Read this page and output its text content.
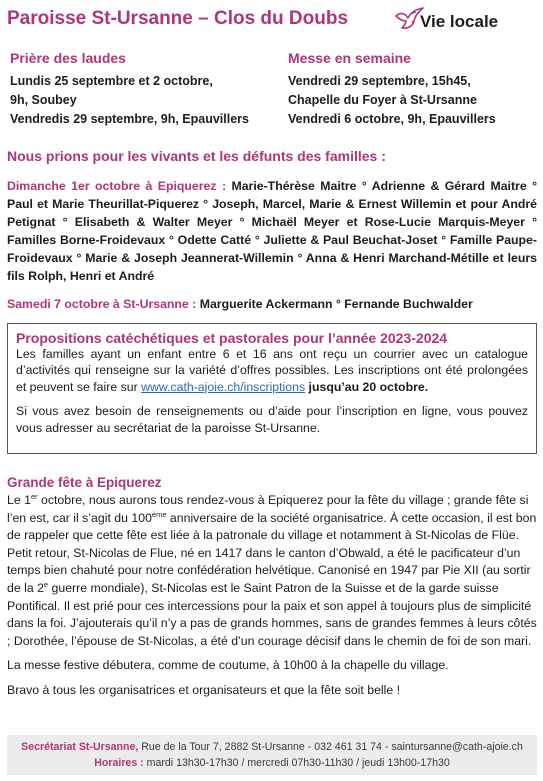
Paroisse St-Ursanne – Clos du Doubs	Vie locale
Prière des laudes

Lundis 25 septembre et 2 octobre,

9h, Soubey

Vendredis 29 septembre, 9h, Epauvillers

Messe en semaine

Vendredi 29 septembre, 15h45,

Chapelle du Foyer à St-Ursanne

Vendredi 6 octobre, 9h, Epauvillers

Nous prions pour les vivants et les défunts des familles :

Dimanche 1er octobre à Epiquerez : Marie-Thérèse Maitre ° Adrienne & Gérard Maitre ° Paul et Marie Theurillat-Piquerez ° Joseph, Marcel, Marie & Ernest Willemin et pour André Petignat ° Elisabeth & Walter Meyer ° Michaël Meyer et Rose-Lucie Marquis-Meyer ° Familles Borne-Froidevaux ° Odette Catté ° Juliette & Paul Beuchat-Joset ° Famille Paupe-Froidevaux ° Marie & Joseph Jeannerat-Willemin ° Anna & Henri Marchand-Métille et leurs fils Rolph, Henri et André

Samedi 7 octobre à St-Ursanne : Marguerite Ackermann ° Fernande Buchwalder

Propositions catéchétiques et pastorales pour l’année 2023-2024

Les familles ayant un enfant entre 6 et 16 ans ont reçu un courrier avec un catalogue d’activités qui renseigne sur la variété d’offres possibles. Les inscriptions ont été prolongées et peuvent se faire sur www.cath-ajoie.ch/inscriptions jusqu’au 20 octobre.

Si vous avez besoin de renseignements ou d’aide pour l’inscription en ligne, vous pouvez vous adresser au secrétariat de la paroisse St-Ursanne.

Grande fête à Epiquerez

Le 1er octobre, nous aurons tous rendez-vous à Epiquerez pour la fête du village ; grande fête si l’en est, car il s’agit du 100ème anniversaire de la société organisatrice. À cette occasion, il est bon de rappeler que cette fête est liée à la patronale du village et notamment à St-Nicolas de Flüe.

Petit retour, St-Nicolas de Flue, né en 1417 dans le canton d’Obwald, a été le pacificateur d’un temps bien chahuté pour notre confédération helvétique. Canonisé en 1947 par Pie XII (au sortir de la 2e guerre mondiale), St-Nicolas est le Saint Patron de la Suisse et de la garde suisse Pontifical. Il est prié pour ces intercessions pour la paix et son appel à toujours plus de simplicité dans la foi. J’ajouterais qu’il n’y a pas de grands hommes, sans de grandes femmes à leurs côtés ; Dorothée, l’épouse de St-Nicolas, a été d’un courage décisif dans le chemin de foi de son mari.

La messe festive débutera, comme de coutume, à 10h00 à la chapelle du village.

Bravo à tous les organisatrices et organisateurs et que la fête soit belle !

Secrétariat St-Ursanne, Rue de la Tour 7, 2882 St-Ursanne - 032 461 31 74 - saintursanne@cath-ajoie.ch
Horaires : mardi 13h30-17h30 / mercredi 07h30-11h30 / jeudi 13h00-17h30
